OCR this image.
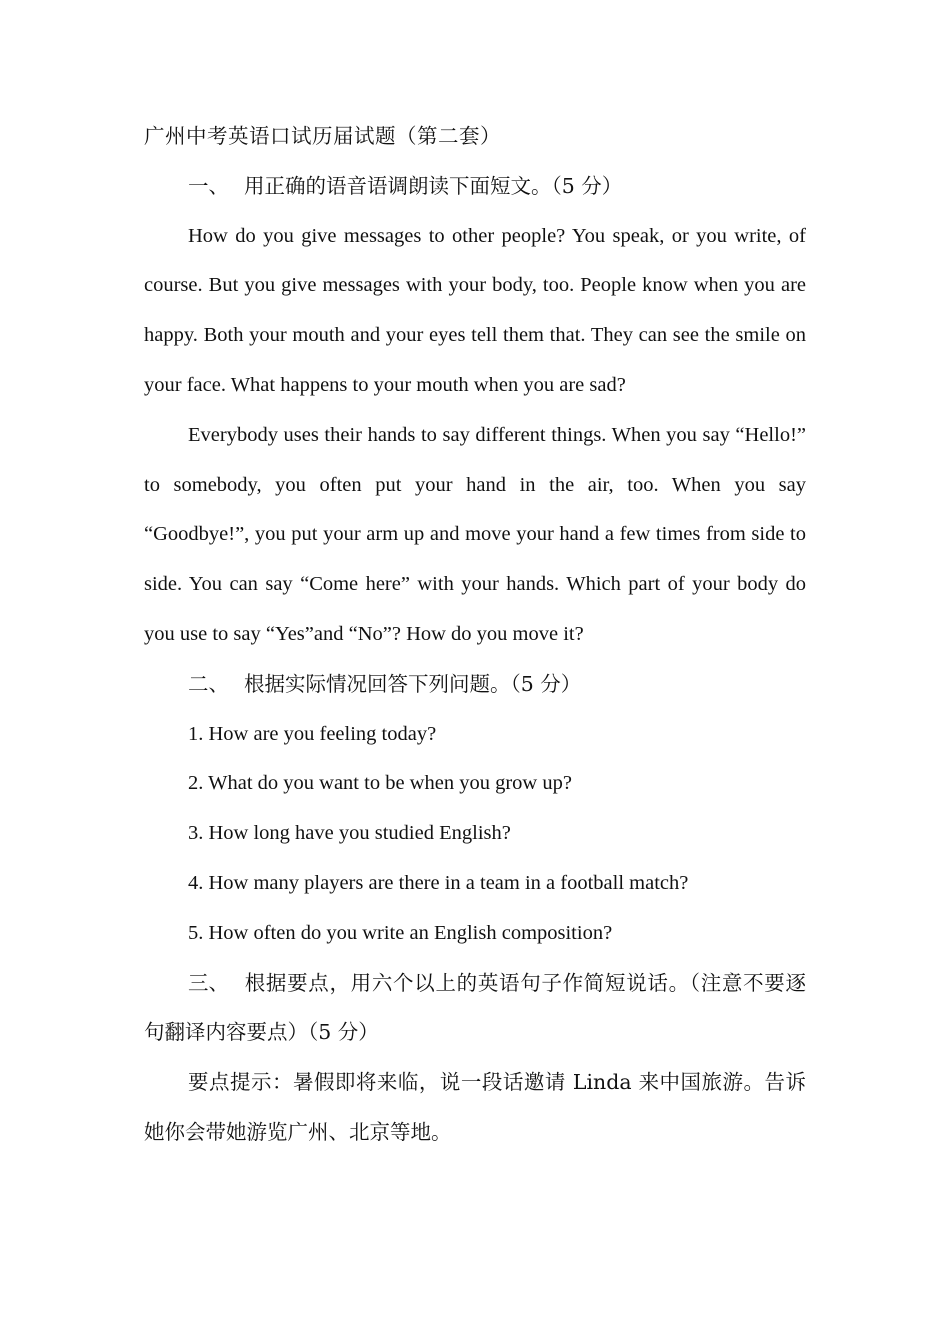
广州中考英语口试历届试题（第二套）

一、 用正确的语音语调朗读下面短文。（5 分）

How do you give messages to other people? You speak, or you write, of course. But you give messages with your body, too. People know when you are happy. Both your mouth and your eyes tell them that. They can see the smile on your face. What happens to your mouth when you are sad?

Everybody uses their hands to say different things. When you say “Hello!” to somebody, you often put your hand in the air, too. When you say “Goodbye!”, you put your arm up and move your hand a few times from side to side. You can say “Come here” with your hands. Which part of your body do you use to say “Yes”and “No”? How do you move it?

二、 根据实际情况回答下列问题。（5 分）

1. How are you feeling today?

2. What do you want to be when you grow up?

3. How long have you studied English?

4. How many players are there in a team in a football match?

5. How often do you write an English composition?

三、 根据要点，用六个以上的英语句子作简短说话。（注意不要逐句翻译内容要点）（5 分）

要点提示：暑假即将来临，说一段话邀请 Linda 来中国旅游。告诉她你会带她游览广州、北京等地。
